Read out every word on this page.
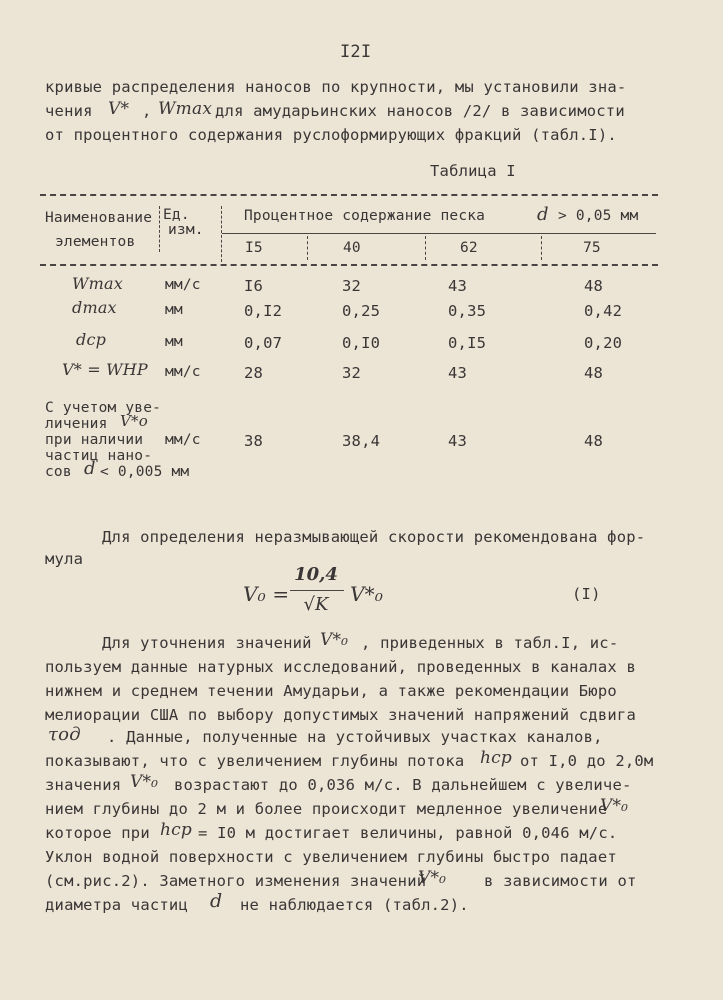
I2I
кривые распределения наносов по крупности, мы установили зна-
чения V* , Wmax для амударьинских наносов /2/ в зависимости
от процентного содержания руслоформирующих фракций (табл.I).
Таблица I
Наименование
элементов
Ед.
изм.
Процентное содержание песка	d > 0,05 мм
I5	40	62	75
Wmax	мм/с	I6	32	43	48
dmax	мм	0,I2	0,25	0,35	0,42
dср	мм	0,07	0,I0	0,I5	0,20
V* = WНР мм/с	28	32	43	48
С учетом уве-
личения V*о
при наличии
частиц нано-
сов d < 0,005 мм
мм/с	38	38,4	43	48
Для определения неразмывающей скорости рекомендована фор-
мула
V₀ =
10,4
√K	V*₀	(I)
Для уточнения значений V*₀ , приведенных в табл.I, ис-
пользуем данные натурных исследований, проведенных в каналах в
нижнем и среднем течении Амударьи, а также рекомендации Бюро
мелиорации США по выбору допустимых значений напряжений сдвига
τод . Данные, полученные на устойчивых участках каналов,
показывают, что с увеличением глубины потока hср от I,0 до 2,0м
значения V*₀ возрастают до 0,036 м/с. В дальнейшем с увеличе-
нием глубины до 2 м и более происходит медленное увеличение
V*₀
которое при hср = I0 м достигает величины, равной 0,046 м/с.
Уклон водной поверхности с увеличением глубины быстро падает
(см.рис.2). Заметного изменения значений
V*₀ в зависимости от
диаметра частиц d не наблюдается (табл.2).
